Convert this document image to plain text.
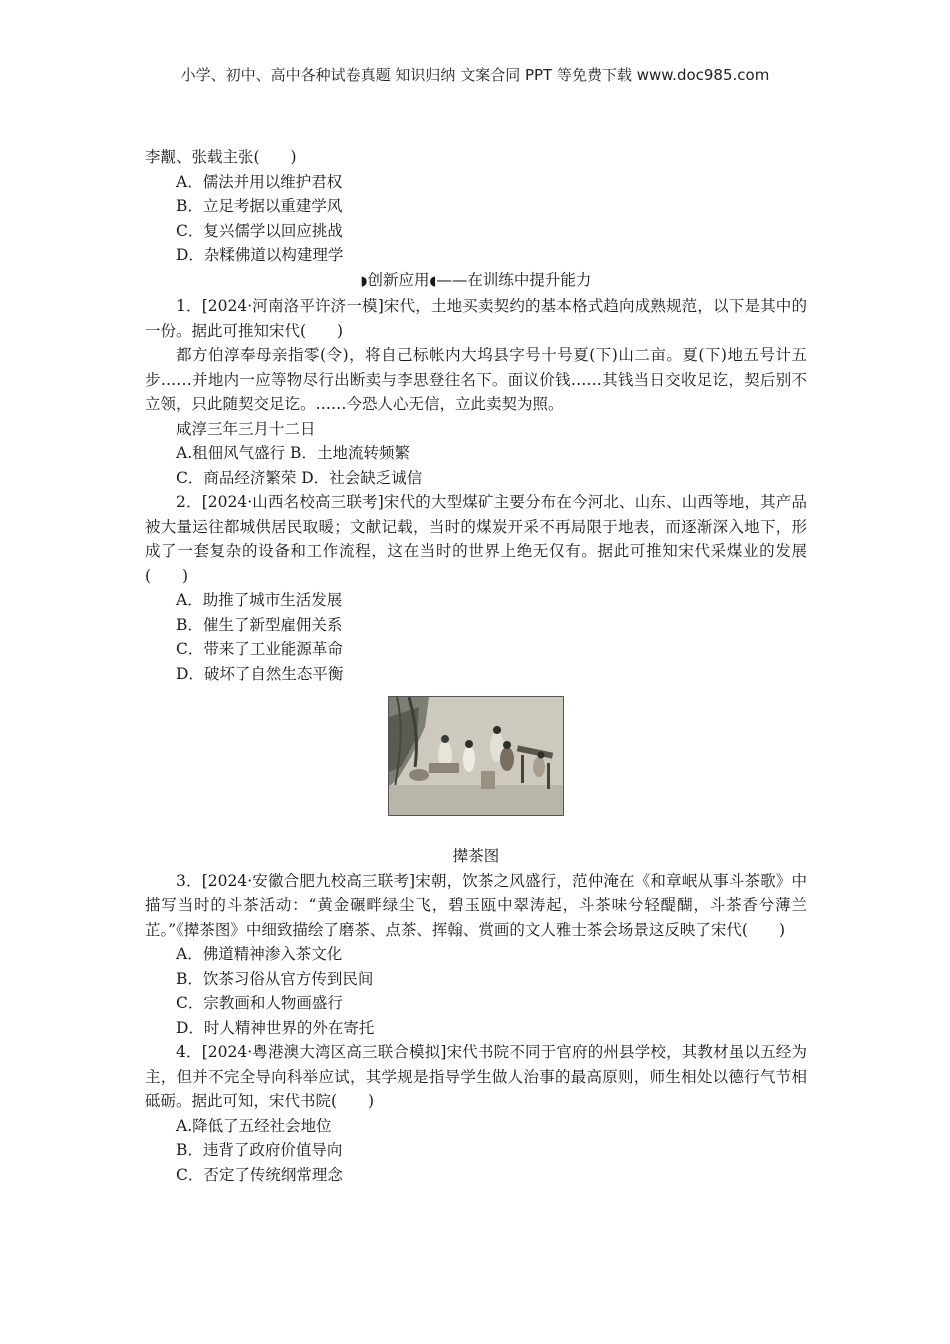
小学、初中、高中各种试卷真题 知识归纳 文案合同 PPT 等免费下载 www.doc985.com
李觏、张载主张(　　)
A．儒法并用以维护君权
B．立足考据以重建学风
C．复兴儒学以回应挑战
D．杂糅佛道以构建理学
◗创新应用◖——在训练中提升能力
1．[2024·河南洛平许济一模]宋代，土地买卖契约的基本格式趋向成熟规范，以下是其中的一份。据此可推知宋代(　　)
都方伯淳奉母亲指零(令)，将自己标帐内大坞县字号十号夏(下)山二亩。夏(下)地五号计五步……并地内一应等物尽行出断卖与李思登往名下。面议价钱……其钱当日交收足讫，契后别不立领，只此随契交足讫。……今恐人心无信，立此卖契为照。
咸淳三年三月十二日
A.租佃风气盛行 B．土地流转频繁
C．商品经济繁荣 D．社会缺乏诚信
2．[2024·山西名校高三联考]宋代的大型煤矿主要分布在今河北、山东、山西等地，其产品被大量运往都城供居民取暖；文献记载，当时的煤炭开采不再局限于地表，而逐渐深入地下，形成了一套复杂的设备和工作流程，这在当时的世界上绝无仅有。据此可推知宋代采煤业的发展(　　)
A．助推了城市生活发展
B．催生了新型雇佣关系
C．带来了工业能源革命
D．破坏了自然生态平衡
撵茶图
3．[2024·安徽合肥九校高三联考]宋朝，饮茶之风盛行，范仲淹在《和章岷从事斗茶歌》中描写当时的斗茶活动：“黄金碾畔绿尘飞，碧玉瓯中翠涛起，斗茶味兮轻醍醐，斗茶香兮薄兰芷。”《撵茶图》中细致描绘了磨茶、点茶、挥翰、赏画的文人雅士茶会场景这反映了宋代(　　)
A．佛道精神渗入茶文化
B．饮茶习俗从官方传到民间
C．宗教画和人物画盛行
D．时人精神世界的外在寄托
4．[2024·粤港澳大湾区高三联合模拟]宋代书院不同于官府的州县学校，其教材虽以五经为主，但并不完全导向科举应试，其学规是指导学生做人治事的最高原则，师生相处以德行气节相砥砺。据此可知，宋代书院(　　)
A.降低了五经社会地位
B．违背了政府价值导向
C．否定了传统纲常理念
